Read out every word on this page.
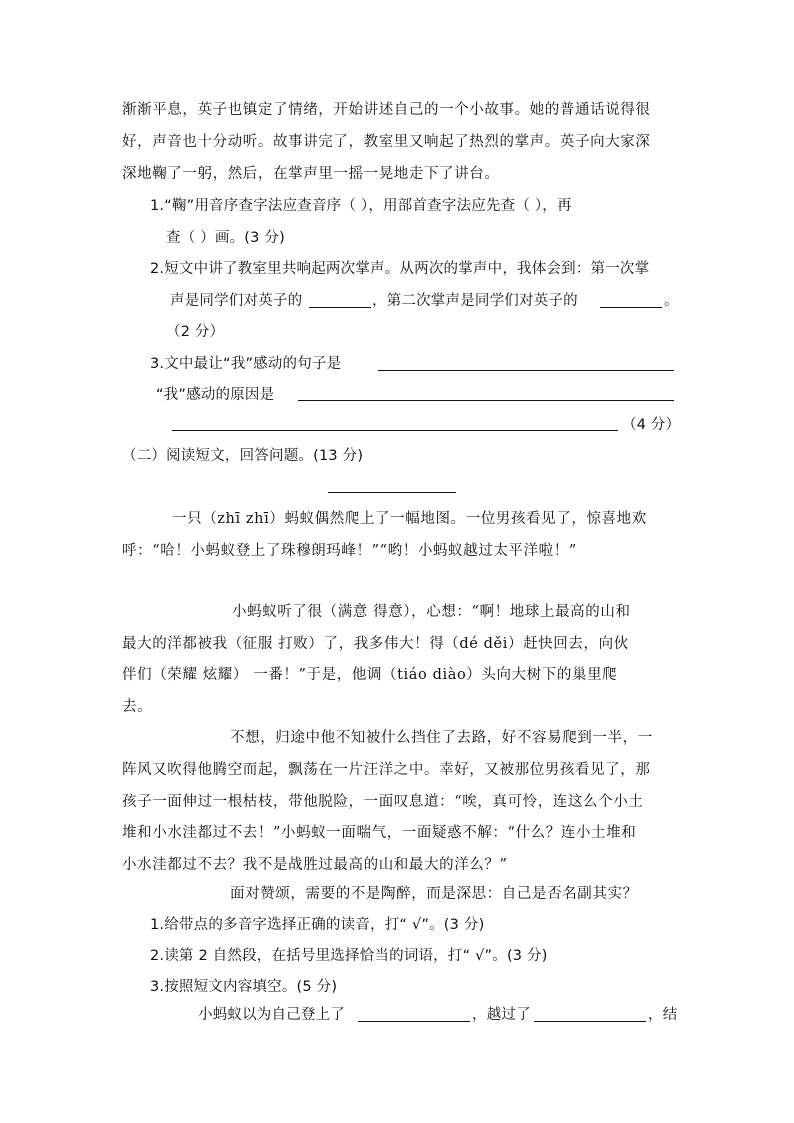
渐渐平息，英子也镇定了情绪，开始讲述自己的一个小故事。她的普通话说得很
好，声音也十分动听。故事讲完了，教室里又响起了热烈的掌声。英子向大家深
深地鞠了一躬，然后，在掌声里一摇一晃地走下了讲台。
1.“鞠”用音序查字法应查音序（ ），用部首查字法应先查（ ），再
查（ ）画。(3 分)
2.短文中讲了教室里共响起两次掌声。从两次的掌声中，我体会到：第一次掌
声是同学们对英子的	，第二次掌声是同学们对英子的	。
（2 分）
3.文中最让“我”感动的句子是
“我”感动的原因是
（4 分）
（二）阅读短文，回答问题。(13 分)
一只（zhī zhī）蚂蚁偶然爬上了一幅地图。一位男孩看见了，惊喜地欢
呼：“哈！小蚂蚁登上了珠穆朗玛峰！”“哟！小蚂蚁越过太平洋啦！”
小蚂蚁听了很（满意 得意），心想：“啊！地球上最高的山和
最大的洋都被我（征服 打败）了，我多伟大！得（dé děi）赶快回去，向伙
伴们（荣耀 炫耀） 一番！”于是，他调（tiáo diào）头向大树下的巢里爬
去。
不想，归途中他不知被什么挡住了去路，好不容易爬到一半，一
阵风又吹得他腾空而起，飘荡在一片汪洋之中。幸好，又被那位男孩看见了，那
孩子一面伸过一根枯枝，带他脱险，一面叹息道：“唉，真可怜，连这么个小土
堆和小水洼都过不去！”小蚂蚁一面喘气，一面疑惑不解：“什么？连小土堆和
小水洼都过不去？我不是战胜过最高的山和最大的洋么？”
面对赞颂，需要的不是陶醉，而是深思：自己是否名副其实？
1.给带点的多音字选择正确的读音，打“ √”。(3 分)
2.读第 2 自然段，在括号里选择恰当的词语，打“ √”。(3 分)
3.按照短文内容填空。(5 分)
小蚂蚁以为自己登上了	，越过了	，结
